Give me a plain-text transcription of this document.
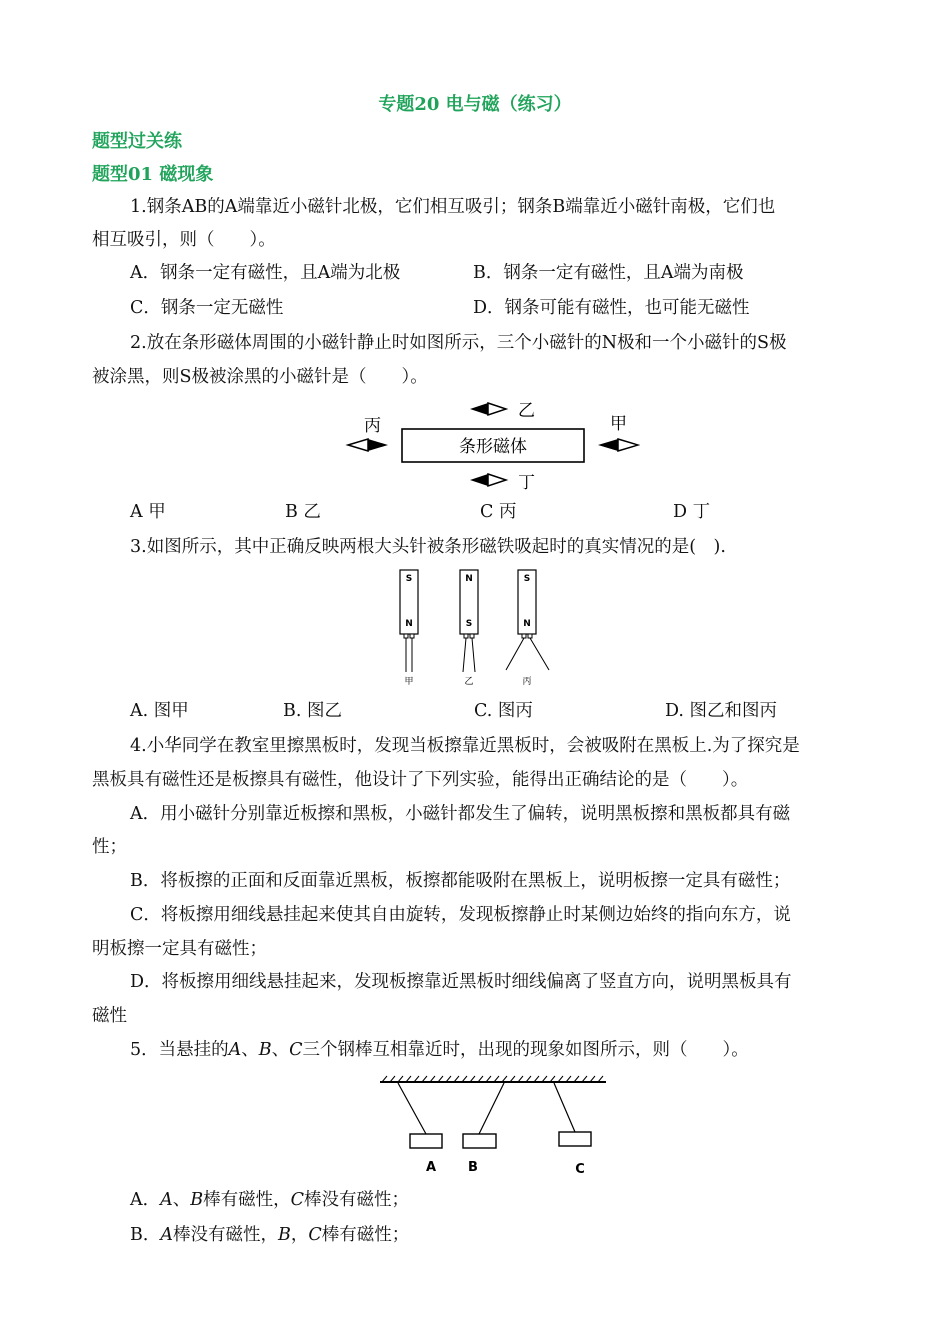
专题20 电与磁（练习）
题型过关练
题型01 磁现象
1.钢条AB的A端靠近小磁针北极，它们相互吸引；钢条B端靠近小磁针南极，它们也
相互吸引，则（　　）。
A．钢条一定有磁性，且A端为北极	B．钢条一定有磁性，且A端为南极
C．钢条一定无磁性	D．钢条可能有磁性，也可能无磁性
2.放在条形磁体周围的小磁针静止时如图所示，三个小磁针的N极和一个小磁针的S极
被涂黑，则S极被涂黑的小磁针是（　　）。
乙
丙
条形磁体
甲
丁
A 甲	B 乙	C 丙	D 丁
3.如图所示，其中正确反映两根大头针被条形磁铁吸起时的真实情况的是(　).
S
N
甲
N
S
乙
S
N
丙
A. 图甲	B. 图乙	C. 图丙	D. 图乙和图丙
4.小华同学在教室里擦黑板时，发现当板擦靠近黑板时，会被吸附在黑板上.为了探究是
黑板具有磁性还是板擦具有磁性，他设计了下列实验，能得出正确结论的是（　　）。
A．用小磁针分别靠近板擦和黑板，小磁针都发生了偏转，说明黑板擦和黑板都具有磁
性；
B．将板擦的正面和反面靠近黑板，板擦都能吸附在黑板上，说明板擦一定具有磁性；
C．将板擦用细线悬挂起来使其自由旋转，发现板擦静止时某侧边始终的指向东方，说
明板擦一定具有磁性；
D．将板擦用细线悬挂起来，发现板擦靠近黑板时细线偏离了竖直方向，说明黑板具有
磁性
5．当悬挂的A、B、C三个钢棒互相靠近时，出现的现象如图所示，则（　　）。
A B	C
A．A、B棒有磁性，C棒没有磁性；
B．A棒没有磁性，B，C棒有磁性；
